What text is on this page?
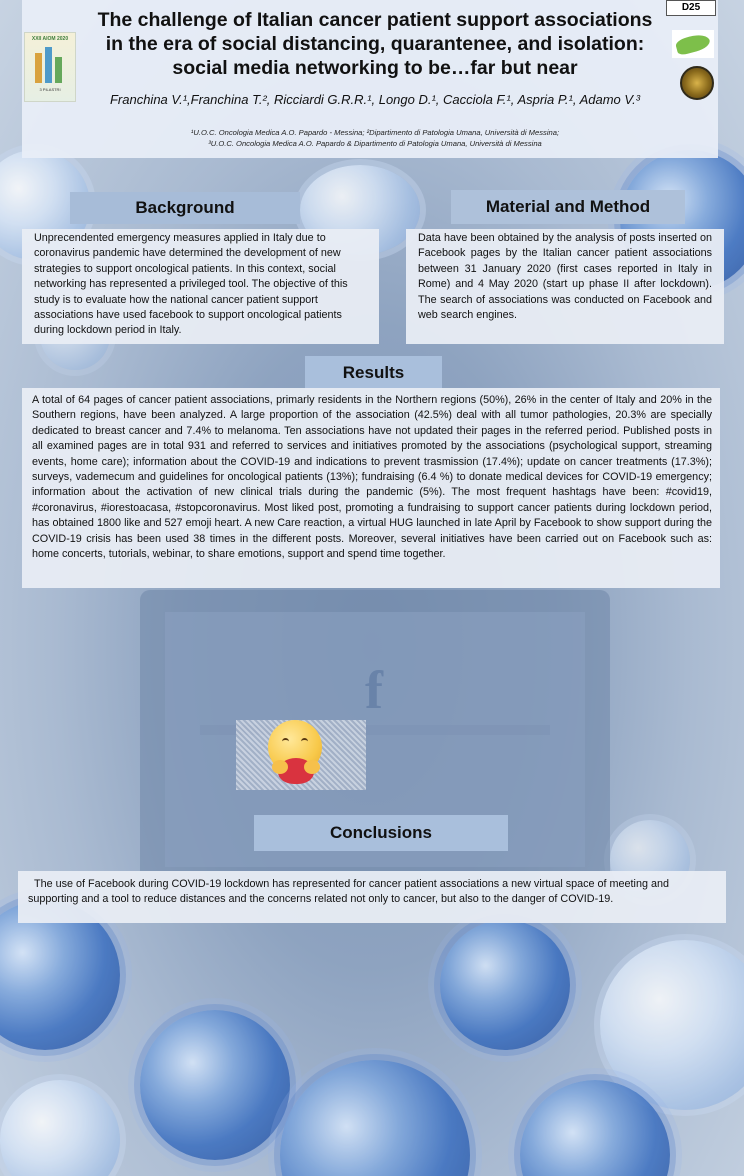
f
D25
XXII AIOM 2020
3 PILASTRI
The challenge of Italian cancer patient support associations
in the era of social distancing, quarantenee, and isolation:
social media networking to be…far but near
Franchina V.¹,Franchina T.², Ricciardi G.R.R.¹, Longo D.¹, Cacciola F.¹, Aspria P.¹, Adamo V.³
¹U.O.C. Oncologia Medica A.O. Papardo - Messina; ²Dipartimento di Patologia Umana, Università di Messina;
³U.O.C. Oncologia Medica A.O. Papardo & Dipartimento di Patologia Umana, Università di Messina
Background
Unprecendented emergency measures applied in Italy due to coronavirus pandemic have determined the development of new strategies to support oncological patients. In this context, social networking has represented a privileged tool. The objective of this study is to evaluate how the national cancer patient support associations have used facebook to support oncological patients during lockdown period in Italy.
Material and Method
Data have been obtained by the analysis of posts inserted on Facebook pages by the Italian cancer patient associations between 31 January 2020 (first cases reported in Italy in Rome) and 4 May 2020 (start up phase II after lockdown). The search of associations was conducted on Facebook and web search engines.
Results
A total of 64 pages of cancer patient associations, primarly residents in the Northern regions (50%), 26% in the center of Italy and 20% in the Southern regions, have been analyzed. A large proportion of the association (42.5%) deal with all tumor pathologies, 20.3% are specially dedicated to breast cancer and 7.4% to melanoma. Ten associations have not updated their pages in the referred period. Published posts in all examined pages are in total 931 and referred to services and initiatives promoted by the associations (psychological support, streaming events, home care); information about the COVID-19 and indications to prevent trasmission (17.4%); update on cancer treatments (17.3%); surveys, vademecum and guidelines for oncological patients (13%); fundraising (6.4 %) to donate medical devices for COVID-19 emergency; information about the activation of new clinical trials during the pandemic (5%). The most frequent hashtags have been: #covid19, #coronavirus, #iorestoacasa, #stopcoronavirus. Most liked post, promoting a fundraising to support cancer patients during lockdown period, has obtained 1800 like and 527 emoji heart. A new Care reaction, a virtual HUG launched in late April by Facebook to show support during the COVID-19 crisis has been used 38 times in the different posts. Moreover, several initiatives have been carried out on Facebook such as: home concerts, tutorials, webinar, to share emotions, support and spend time together.
Conclusions
The use of Facebook during COVID-19 lockdown has represented for cancer patient associations a new virtual space of meeting and supporting and a tool to reduce distances and the concerns related not only to cancer, but also to the danger of COVID-19.
